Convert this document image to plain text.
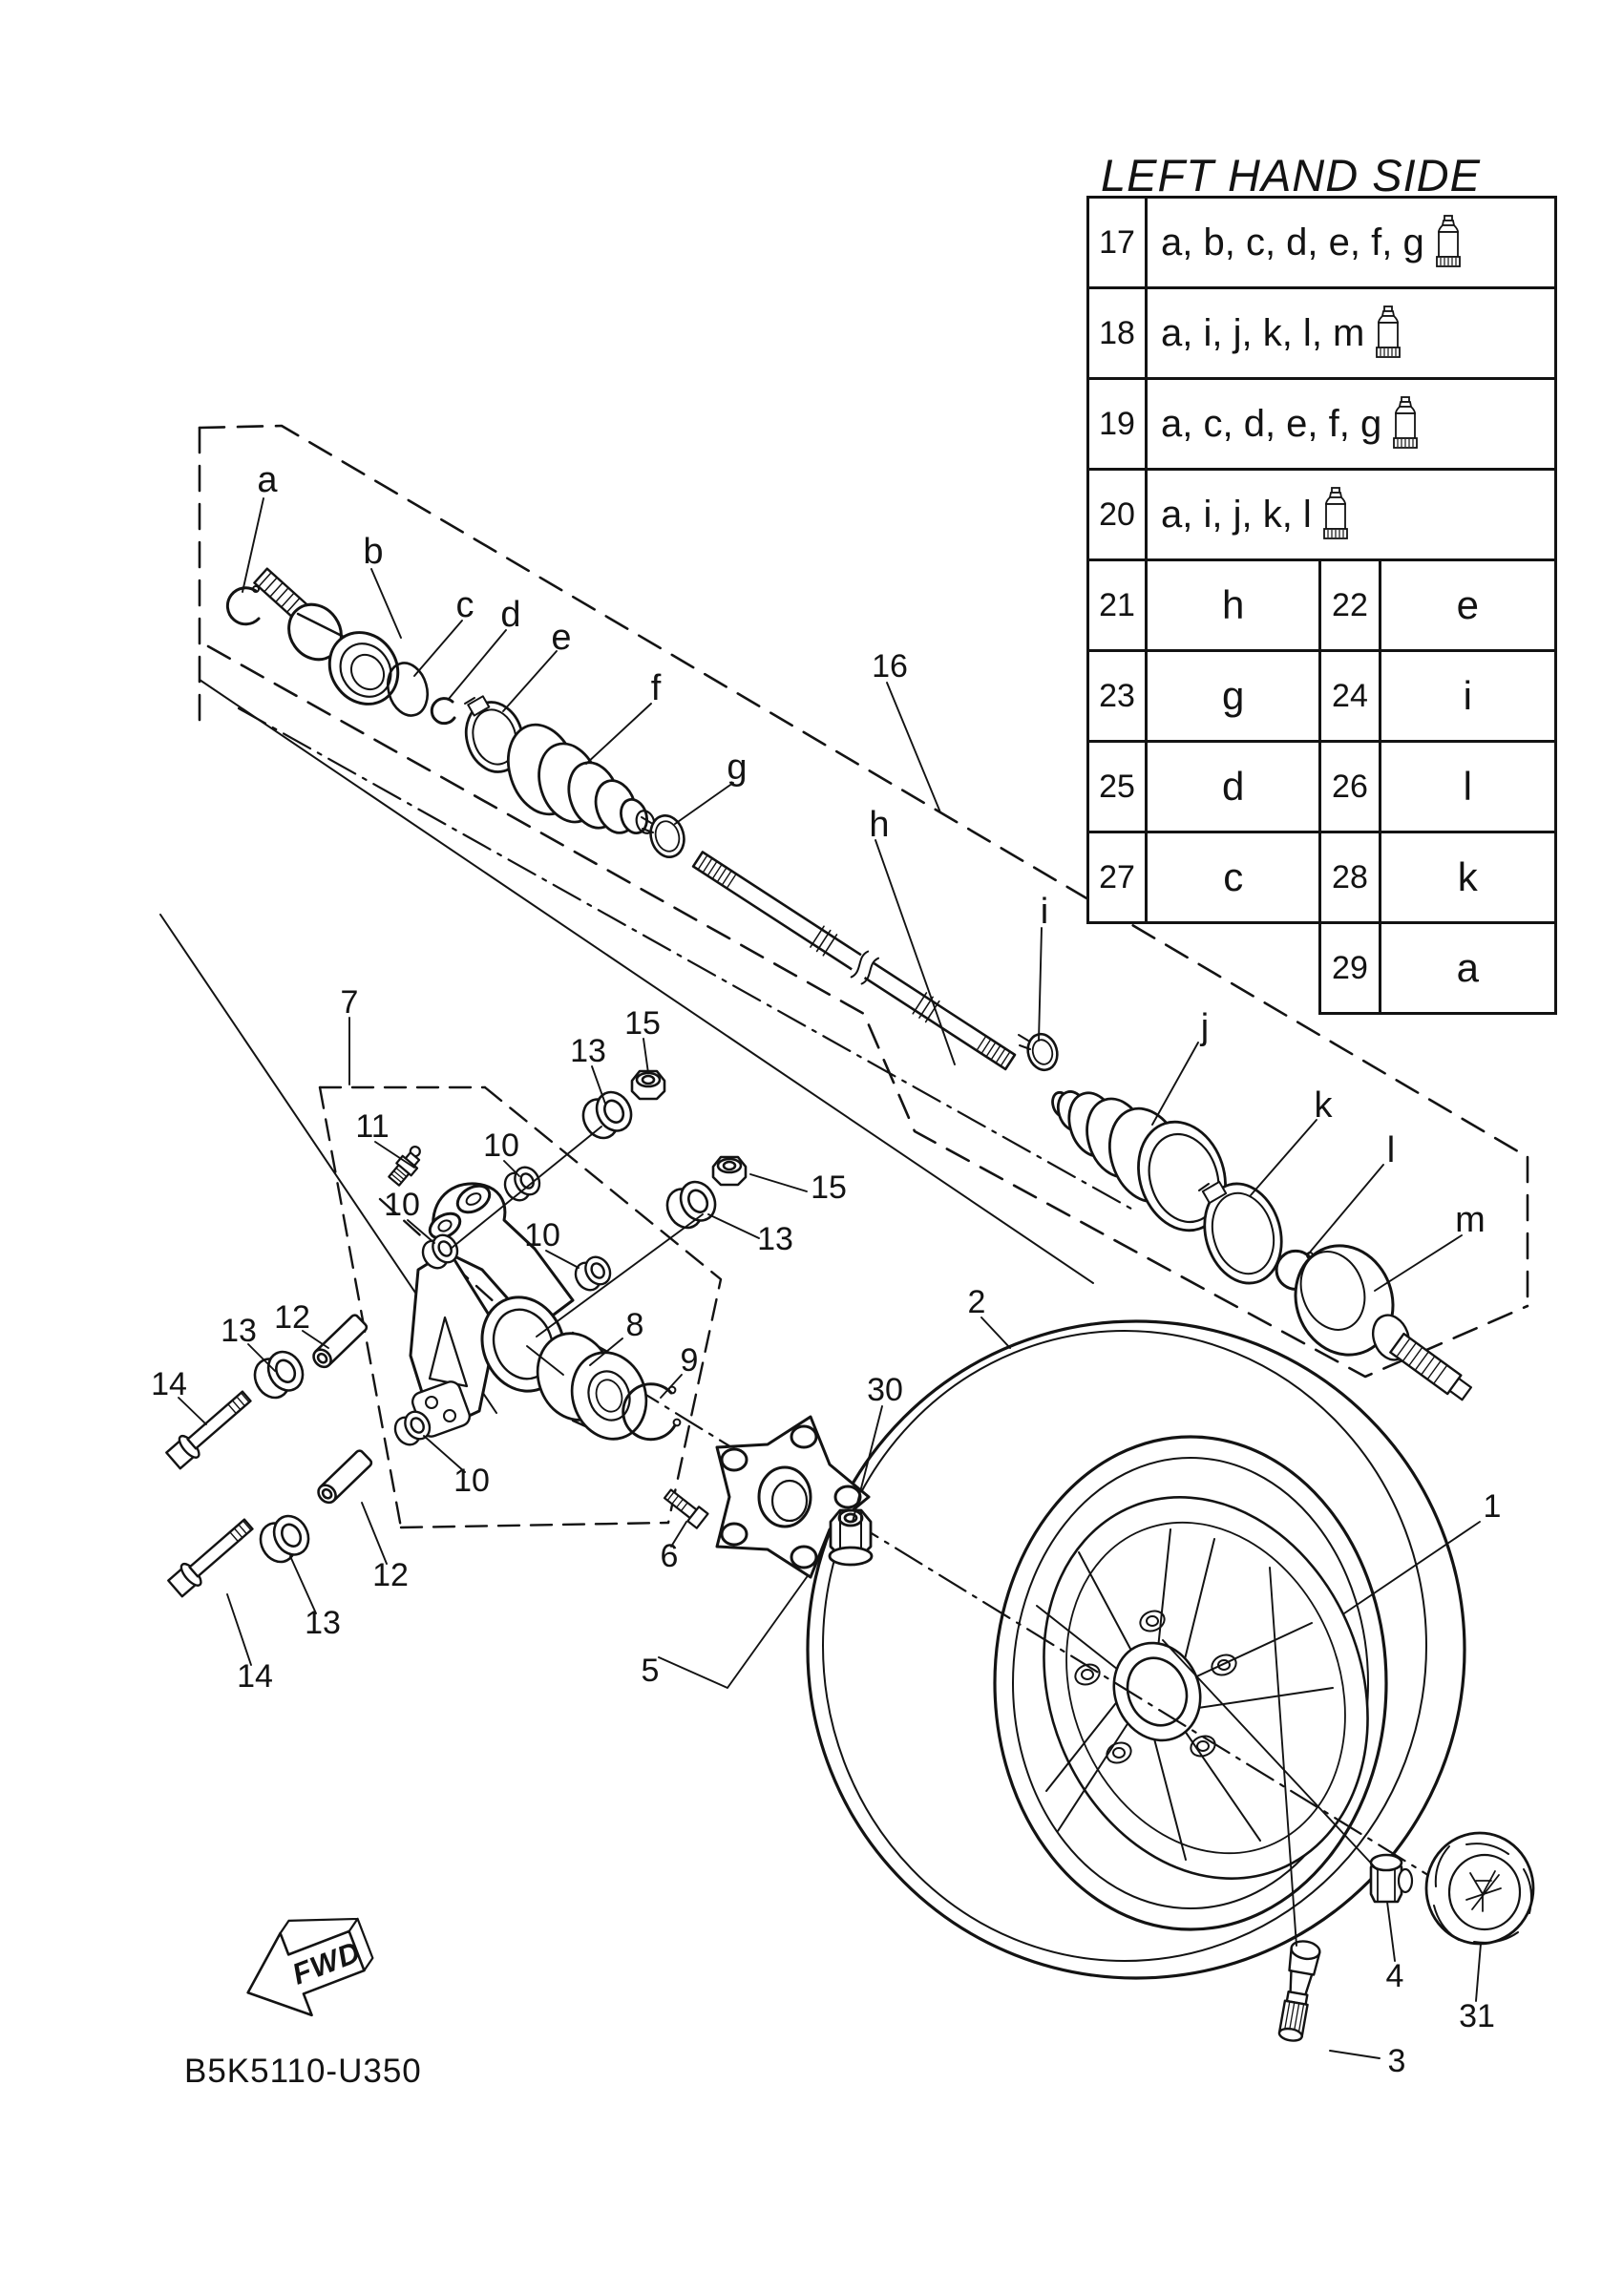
FWD
a
b
c d
e
f
g
h
i
j
k
l
m
16
7
15
13
11
10
10	15
13
10
12
13
14
8
9
10
12
13
14
2
30
1
5
6
4
31
3
LEFT HAND SIDE
17	a, b, c, d, e, f, g		

18	a, i, j, k, l, m		

19	a, c, d, e, f, g		

20	a, i, j, k, l		

21	h	22	e
23	g	24	i
25	d	26	l
27	c	28	k
		29	a
B5K5110-U350
